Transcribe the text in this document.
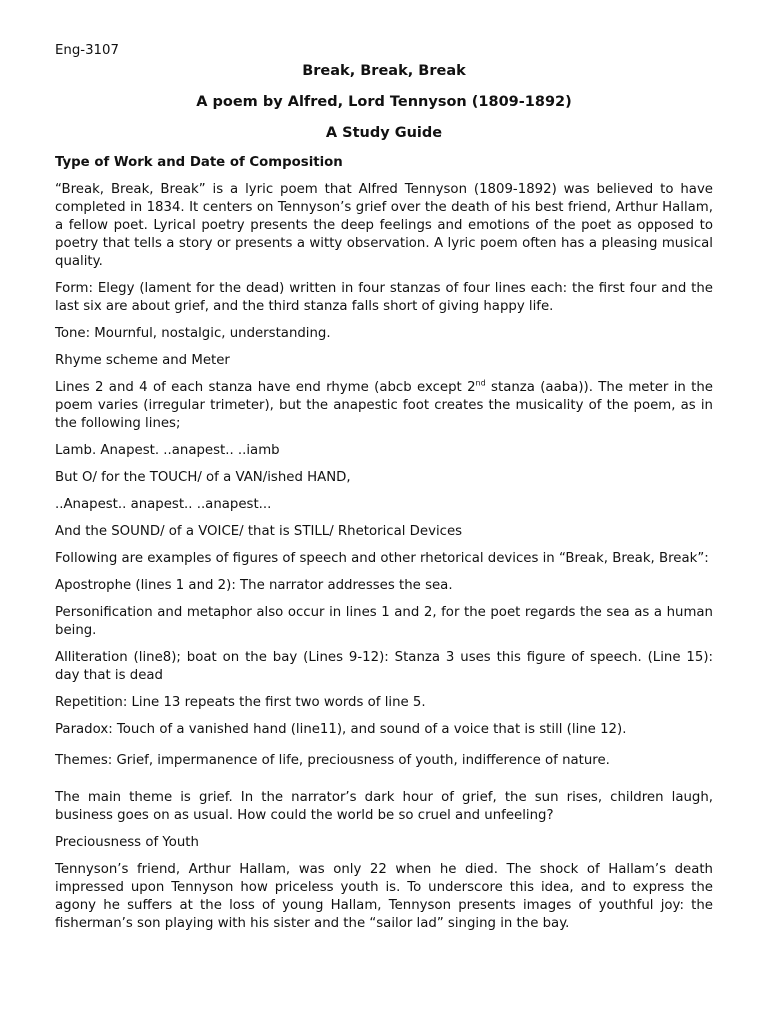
Eng-3107
Break, Break, Break
A poem by Alfred, Lord Tennyson (1809-1892)
A Study Guide
Type of Work and Date of Composition

“Break, Break, Break” is a lyric poem that Alfred Tennyson (1809-1892) was believed to have completed in 1834. It centers on Tennyson’s grief over the death of his best friend, Arthur Hallam, a fellow poet. Lyrical poetry presents the deep feelings and emotions of the poet as opposed to poetry that tells a story or presents a witty observation. A lyric poem often has a pleasing musical quality.

Form: Elegy (lament for the dead) written in four stanzas of four lines each: the first four and the last six are about grief, and the third stanza falls short of giving happy life.

Tone: Mournful, nostalgic, understanding.

Rhyme scheme and Meter

Lines 2 and 4 of each stanza have end rhyme (abcb except 2nd stanza (aaba)). The meter in the poem varies (irregular trimeter), but the anapestic foot creates the musicality of the poem, as in the following lines;

Lamb. Anapest. ..anapest.. ..iamb

But O/ for the TOUCH/ of a VAN/ished HAND,

..Anapest.. anapest.. ..anapest...

And the SOUND/ of a VOICE/ that is STILL/ Rhetorical Devices

Following are examples of figures of speech and other rhetorical devices in “Break, Break, Break”:

Apostrophe (lines 1 and 2): The narrator addresses the sea.

Personification and metaphor also occur in lines 1 and 2, for the poet regards the sea as a human being.

Alliteration (line8); boat on the bay (Lines 9-12): Stanza 3 uses this figure of speech. (Line 15): day that is dead

Repetition: Line 13 repeats the first two words of line 5.

Paradox: Touch of a vanished hand (line11), and sound of a voice that is still (line 12).

Themes: Grief, impermanence of life, preciousness of youth, indifference of nature.

The main theme is grief. In the narrator’s dark hour of grief, the sun rises, children laugh, business goes on as usual. How could the world be so cruel and unfeeling?

Preciousness of Youth

Tennyson’s friend, Arthur Hallam, was only 22 when he died. The shock of Hallam’s death impressed upon Tennyson how priceless youth is. To underscore this idea, and to express the agony he suffers at the loss of young Hallam, Tennyson presents images of youthful joy: the fisherman’s son playing with his sister and the “sailor lad” singing in the bay.
